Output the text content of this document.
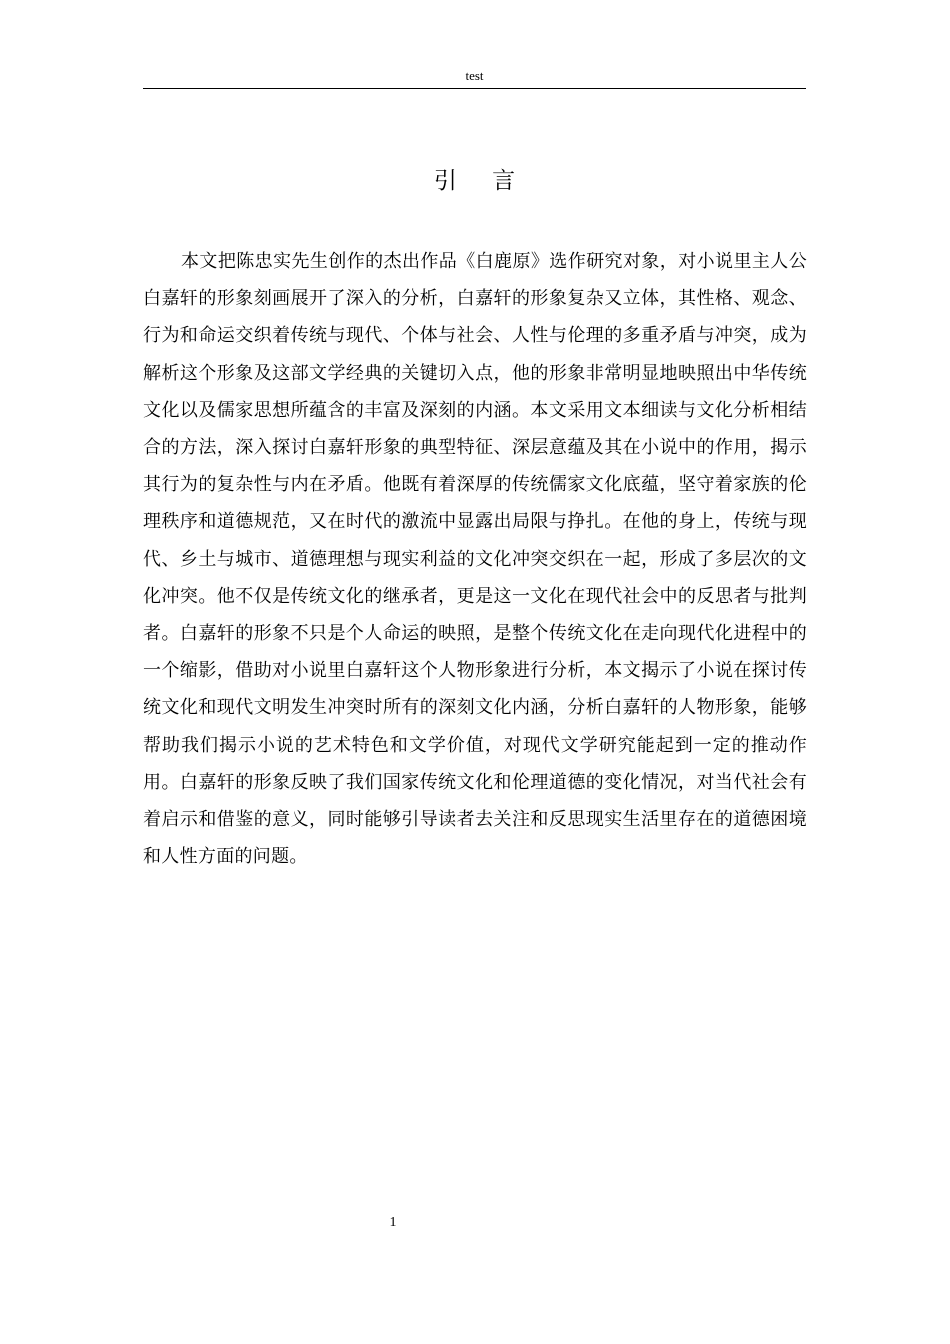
test
引 言

本文把陈忠实先生创作的杰出作品《白鹿原》选作研究对象，对小说里主人公白嘉轩的形象刻画展开了深入的分析，白嘉轩的形象复杂又立体，其性格、观念、行为和命运交织着传统与现代、个体与社会、人性与伦理的多重矛盾与冲突，成为解析这个形象及这部文学经典的关键切入点，他的形象非常明显地映照出中华传统文化以及儒家思想所蕴含的丰富及深刻的内涵。本文采用文本细读与文化分析相结合的方法，深入探讨白嘉轩形象的典型特征、深层意蕴及其在小说中的作用，揭示其行为的复杂性与内在矛盾。他既有着深厚的传统儒家文化底蕴，坚守着家族的伦理秩序和道德规范，又在时代的激流中显露出局限与挣扎。在他的身上，传统与现代、乡土与城市、道德理想与现实利益的文化冲突交织在一起，形成了多层次的文化冲突。他不仅是传统文化的继承者，更是这一文化在现代社会中的反思者与批判者。白嘉轩的形象不只是个人命运的映照，是整个传统文化在走向现代化进程中的一个缩影，借助对小说里白嘉轩这个人物形象进行分析，本文揭示了小说在探讨传统文化和现代文明发生冲突时所有的深刻文化内涵，分析白嘉轩的人物形象，能够帮助我们揭示小说的艺术特色和文学价值，对现代文学研究能起到一定的推动作用。白嘉轩的形象反映了我们国家传统文化和伦理道德的变化情况，对当代社会有着启示和借鉴的意义，同时能够引导读者去关注和反思现实生活里存在的道德困境和人性方面的问题。

1
